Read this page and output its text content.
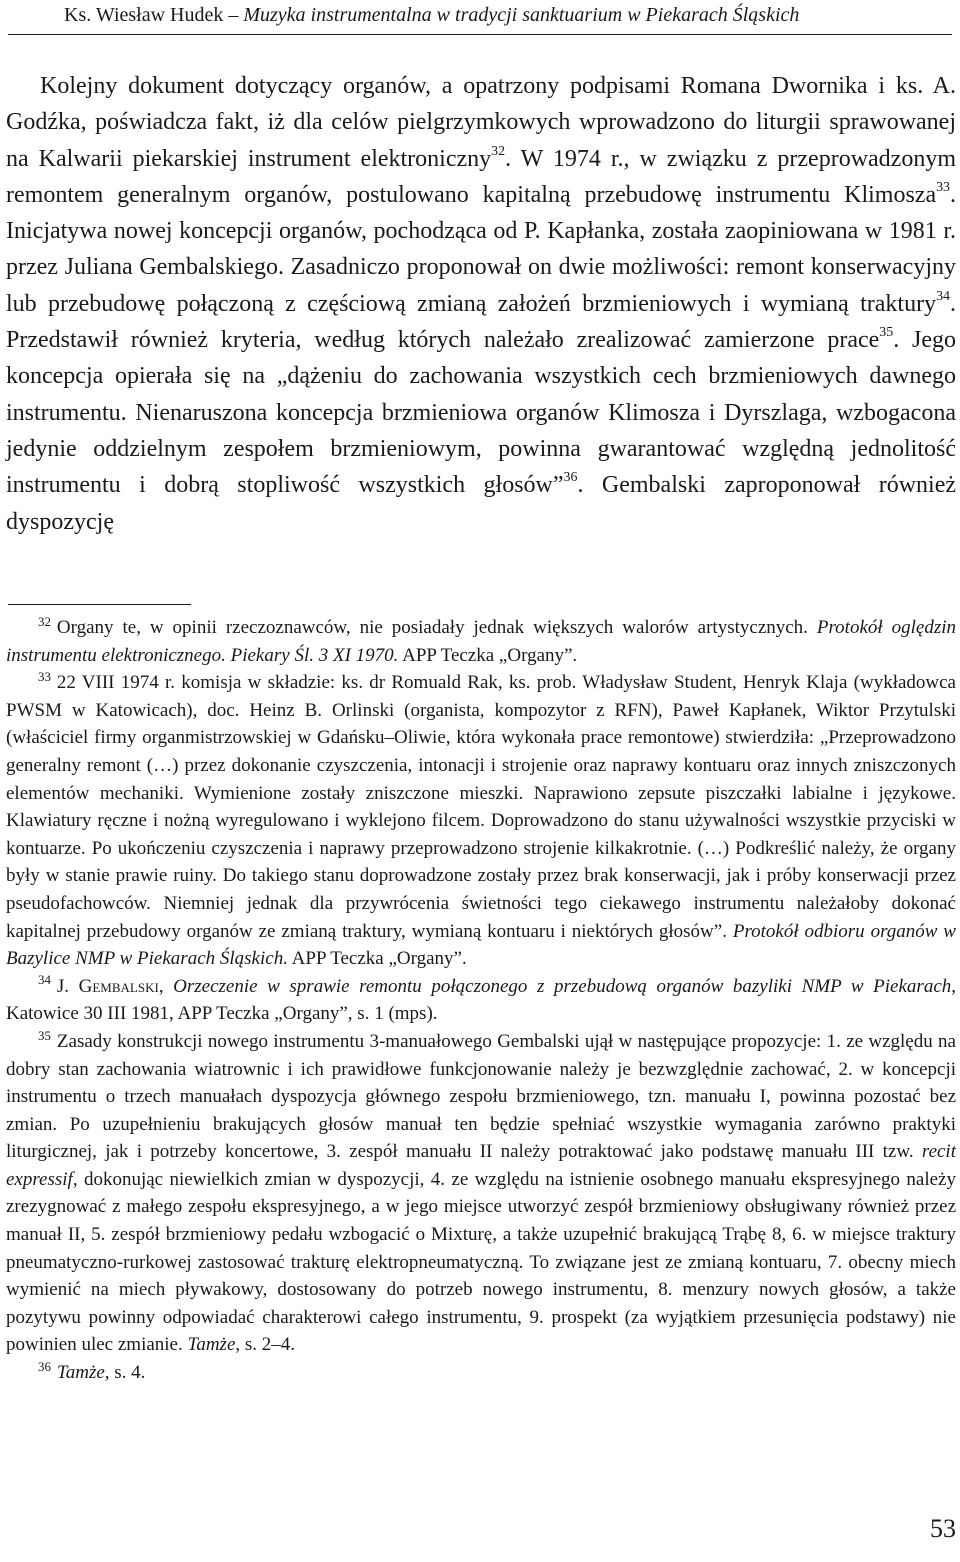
Ks. Wiesław Hudek – Muzyka instrumentalna w tradycji sanktuarium w Piekarach Śląskich

Kolejny dokument dotyczący organów, a opatrzony podpisami Romana Dwornika i ks. A. Godźka, poświadcza fakt, iż dla celów pielgrzymkowych wprowadzono do liturgii sprawowanej na Kalwarii piekarskiej instrument elektroniczny$^{32}$. W 1974 r., w związku z przeprowadzonym remontem generalnym organów, postulowano kapitalną przebudowę instrumentu Klimosza$^{33}$. Inicjatywa nowej koncepcji organów, pochodząca od P. Kapłanka, została zaopiniowana w 1981 r. przez Juliana Gembalskiego. Zasadniczo proponował on dwie możliwości: remont konserwacyjny lub przebudowę połączoną z częściową zmianą założeń brzmieniowych i wymianą traktury$^{34}$. Przedstawił również kryteria, według których należało zrealizować zamierzone prace$^{35}$. Jego koncepcja opierała się na „dążeniu do zachowania wszystkich cech brzmieniowych dawnego instrumentu. Nienaruszona koncepcja brzmieniowa organów Klimosza i Dyrszlaga, wzbogacona jedynie oddzielnym zespołem brzmieniowym, powinna gwarantować względną jednolitość instrumentu i dobrą stopliwość wszystkich głosów”$^{36}$. Gembalski zaproponował również dyspozycję

$^{32}$ Organy te, w opinii rzeczoznawców, nie posiadały jednak większych walorów artystycznych. Protokół oględzin instrumentu elektronicznego. Piekary Śl. 3 XI 1970. APP Teczka „Organy”.

$^{33}$ 22 VIII 1974 r. komisja w składzie: ks. dr Romuald Rak, ks. prob. Władysław Student, Henryk Klaja (wykładowca PWSM w Katowicach), doc. Heinz B. Orlinski (organista, kompozytor z RFN), Paweł Kapłanek, Wiktor Przytulski (właściciel firmy organmistrzowskiej w Gdańsku–Oliwie, która wykonała prace remontowe) stwierdziła: „Przeprowadzono generalny remont (…) przez dokonanie czyszczenia, intonacji i strojenie oraz naprawy kontuaru oraz innych zniszczonych elementów mechaniki. Wymienione zostały zniszczone mieszki. Naprawiono zepsute piszczałki labialne i językowe. Klawiatury ręczne i nożną wyregulowano i wyklejono filcem. Doprowadzono do stanu używalności wszystkie przyciski w kontuarze. Po ukończeniu czyszczenia i naprawy przeprowadzono strojenie kilkakrotnie. (…) Podkreślić należy, że organy były w stanie prawie ruiny. Do takiego stanu doprowadzone zostały przez brak konserwacji, jak i próby konserwacji przez pseudofachowców. Niemniej jednak dla przywrócenia świetności tego ciekawego instrumentu należałoby dokonać kapitalnej przebudowy organów ze zmianą traktury, wymianą kontuaru i niektórych głosów”. Protokół odbioru organów w Bazylice NMP w Piekarach Śląskich. APP Teczka „Organy”.

$^{34}$ J. Gembalski, Orzeczenie w sprawie remontu połączonego z przebudową organów bazyliki NMP w Piekarach, Katowice 30 III 1981, APP Teczka „Organy”, s. 1 (mps).

$^{35}$ Zasady konstrukcji nowego instrumentu 3-manuałowego Gembalski ujął w następujące propozycje: 1. ze względu na dobry stan zachowania wiatrownic i ich prawidłowe funkcjonowanie należy je bezwzględnie zachować, 2. w koncepcji instrumentu o trzech manuałach dyspozycja głównego zespołu brzmieniowego, tzn. manuału I, powinna pozostać bez zmian. Po uzupełnieniu brakujących głosów manuał ten będzie spełniać wszystkie wymagania zarówno praktyki liturgicznej, jak i potrzeby koncertowe, 3. zespół manuału II należy potraktować jako podstawę manuału III tzw. recit expressif, dokonując niewielkich zmian w dyspozycji, 4. ze względu na istnienie osobnego manuału ekspresyjnego należy zrezygnować z małego zespołu ekspresyjnego, a w jego miejsce utworzyć zespół brzmieniowy obsługiwany również przez manuał II, 5. zespół brzmieniowy pedału wzbogacić o Mixturę, a także uzupełnić brakującą Trąbę 8, 6. w miejsce traktury pneumatyczno-rurkowej zastosować trakturę elektropneumatyczną. To związane jest ze zmianą kontuaru, 7. obecny miech wymienić na miech pływakowy, dostosowany do potrzeb nowego instrumentu, 8. menzury nowych głosów, a także pozytywu powinny odpowiadać charakterowi całego instrumentu, 9. prospekt (za wyjątkiem przesunięcia podstawy) nie powinien ulec zmianie. Tamże, s. 2–4.

$^{36}$ Tamże, s. 4.

53
